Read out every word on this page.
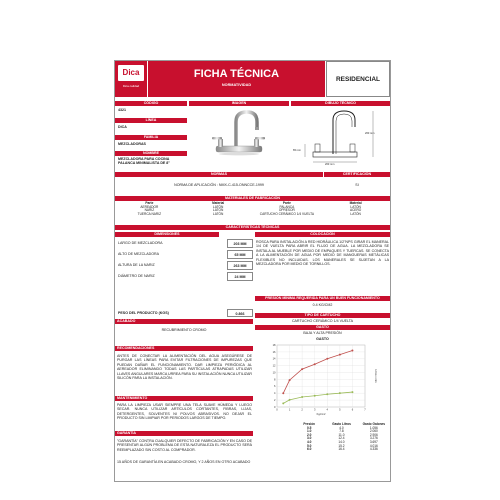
Dica
Dica calidad
FICHA TÉCNICA
NORMATIVIDAD
RESIDENCIAL
CÓDIGO
4321
LÍNEA
DICA
FAMILIA
MEZCLADORAS
NOMBRE
MEZCLADORA PARA COCINA PALANCA MINIMALISTA DE 8"
IMAGEN	DIBUJO TÉCNICO
263 mm
203 mm
65 mm
NORMAS	CERTIFICACIÓN
NORMA DE APLICACIÓN : NMX-C-415-ONNCCE-1999	SI
MATERIALES DE FABRICACIÓN
Parte	Material	Parte	Material
AEREADOR	LATÓN	PALANCA	LATÓN
NARIZ	LATÓN	OPRESOR	ACERO
TUERCA NARIZ	LATÓN	CARTUCHO CERÁMICO 1/4 VUELTA	LATÓN
CARACTERÍSTICAS TÉCNICAS
DIMENSIONES	COLOCACIÓN
LARGO DE MEZCLADORA	203 MM
ALTO DE MEZCLADORA	65 MM
ALTURA DE LA NARIZ	263 MM
DIÁMETRO DE NARIZ	24 MM
ROSCA PARA INSTALACIÓN A RED HIDRÁULICA 1/2"NPS GIRAR EL MANERAL 1/4 DE VUELTA PARA ABRIR EL FLUJO DE AGUA. LA MEZCLADORA SE INSTALA AL MUEBLE POR MEDIO DE EMPAQUES Y TUERCAS. SE CONECTA A LA ALIMENTACIÓN DE AGUA POR MEDIO DE MANGUERAS METÁLICAS FLEXIBLES NO INCLUIDAS. LOS MANERALES SE SUJETAN A LA MEZCLADORA POR MEDIO DE TORNILLOS.
PRESIÓN MÍNIMA REQUERIDA PARA UN BUEN FUNCIONAMIENTO
0.4 KG/CM2
PESO DEL PRODUCTO (KGS)	0.866
ACABADO
RECUBRIMIENTO CROMO
TIPO DE CARTUCHO
CARTUCHO CERÁMICO 1/4 VUELTA
GASTO
BAJA Y ALTA PRESIÓN
GASTO
0
2
4
6
8
10
12
14
16
18
0	1	2	3	4	5	6	7
Kg/cm2
Litros x min
Presión	Gasto Litros	Gasto Galones
0.5	4.0	1.056
1.0	7.8	2.060
2.0	11.0	2.906
3.0	12.4	3.276
4.0	14.0	3.697
5.0	15.2	4.016
6.0	16.4	4.336
RECOMENDACIONES
ANTES DE CONECTAR LA ALIMENTACIÓN DEL AGUA ASEGÚRESE DE PURGAR LAS LÍNEAS PARA EVITAR FILTRACIONES DE IMPUREZAS QUE PUEDAN DAÑAR EL FUNCIONAMIENTO. DAR LIMPIEZA PERIÓDICA AL AEREADOR ELIMINANDO TODAS LAS PARTÍCULAS ATRAPADAS UTILIZAR LLAVES ANGULARES MARCA URREA PARA SU INSTALACIÓN NUNCA UTILIZAR SILICÓN PARA LA INSTALACIÓN.
MANTENIMIENTO
PARA LA LIMPIEZA USAR SIEMPRE UNA TELA SUAVE HÚMEDA Y LUEGO SECAR. NUNCA UTILIZAR ARTÍCULOS CORTANTES, FIBRAS, LIJAS, DETERGENTES, SOLVENTES NI POLVOS ABRASIVOS. NO DEJAR EL PRODUCTO SIN LIMPIAR POR PERIODOS LARGOS DE TIEMPO.
GARANTÍA
"GARANTÍA" CONTRA CUALQUIER DEFECTO DE FABRICACIÓN Y EN CASO DE PRESENTAR ALGÚN PROBLEMA DE ESTA NATURALEZA EL PRODUCTO SERÁ REEMPLAZADO SIN COSTO AL COMPRADOR.
15 AÑOS DE GARANTÍA EN ACABADO CROMO, Y 2 AÑOS EN OTRO ACABADO
